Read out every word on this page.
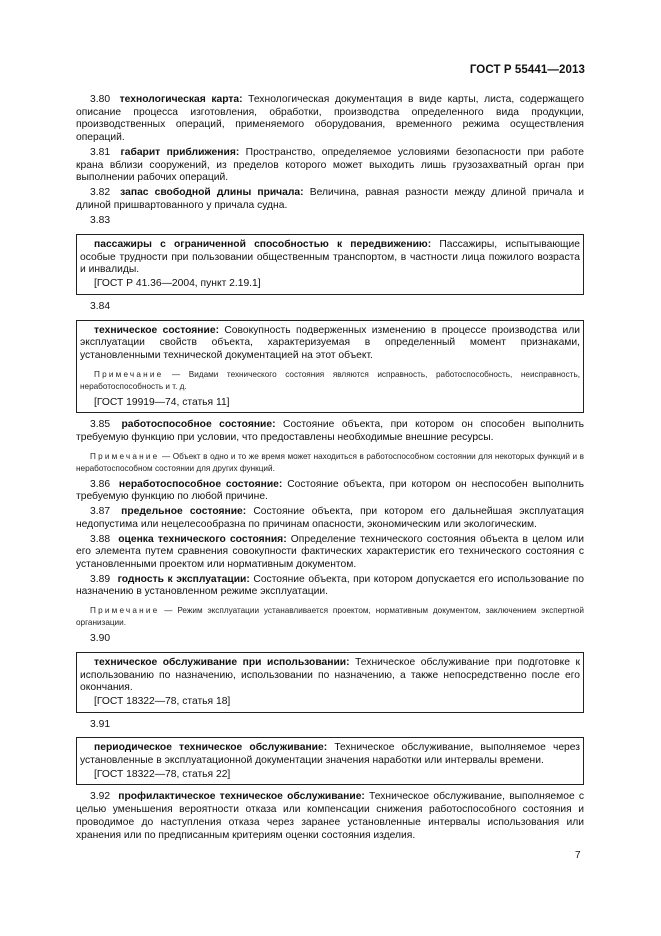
ГОСТ Р 55441—2013

3.80 технологическая карта: Технологическая документация в виде карты, листа, содержащего описание процесса изготовления, обработки, производства определенного вида продукции, производственных операций, применяемого оборудования, временного режима осуществления операций.

3.81 габарит приближения: Пространство, определяемое условиями безопасности при работе крана вблизи сооружений, из пределов которого может выходить лишь грузозахватный орган при выполнении рабочих операций.

3.82 запас свободной длины причала: Величина, равная разности между длиной причала и длиной пришвартованного у причала судна.

3.83

пассажиры с ограниченной способностью к передвижению: Пассажиры, испытывающие особые трудности при пользовании общественным транспортом, в частности лица пожилого возраста и инвалиды.

[ГОСТ Р 41.36—2004, пункт 2.19.1]

3.84

техническое состояние: Совокупность подверженных изменению в процессе производства или эксплуатации свойств объекта, характеризуемая в определенный момент признаками, установленными технической документацией на этот объект.

Примечание — Видами технического состояния являются исправность, работоспособность, неисправность, неработоспособность и т. д.

[ГОСТ 19919—74, статья 11]

3.85 работоспособное состояние: Состояние объекта, при котором он способен выполнить требуемую функцию при условии, что предоставлены необходимые внешние ресурсы.

Примечание — Объект в одно и то же время может находиться в работоспособном состоянии для некоторых функций и в неработоспособном состоянии для других функций.

3.86 неработоспособное состояние: Состояние объекта, при котором он неспособен выполнить требуемую функцию по любой причине.

3.87 предельное состояние: Состояние объекта, при котором его дальнейшая эксплуатация недопустима или нецелесообразна по причинам опасности, экономическим или экологическим.

3.88 оценка технического состояния: Определение технического состояния объекта в целом или его элемента путем сравнения совокупности фактических характеристик его технического состояния с установленными проектом или нормативным документом.

3.89 годность к эксплуатации: Состояние объекта, при котором допускается его использование по назначению в установленном режиме эксплуатации.

Примечание — Режим эксплуатации устанавливается проектом, нормативным документом, заключением экспертной организации.
3.90

техническое обслуживание при использовании: Техническое обслуживание при подготовке к использованию по назначению, использовании по назначению, а также непосредственно после его окончания.

[ГОСТ 18322—78, статья 18]

3.91

периодическое техническое обслуживание: Техническое обслуживание, выполняемое через установленные в эксплуатационной документации значения наработки или интервалы времени.

[ГОСТ 18322—78, статья 22]

3.92 профилактическое техническое обслуживание: Техническое обслуживание, выполняемое с целью уменьшения вероятности отказа или компенсации снижения работоспособного состояния и проводимое до наступления отказа через заранее установленные интервалы использования или хранения или по предписанным критериям оценки состояния изделия.

7
